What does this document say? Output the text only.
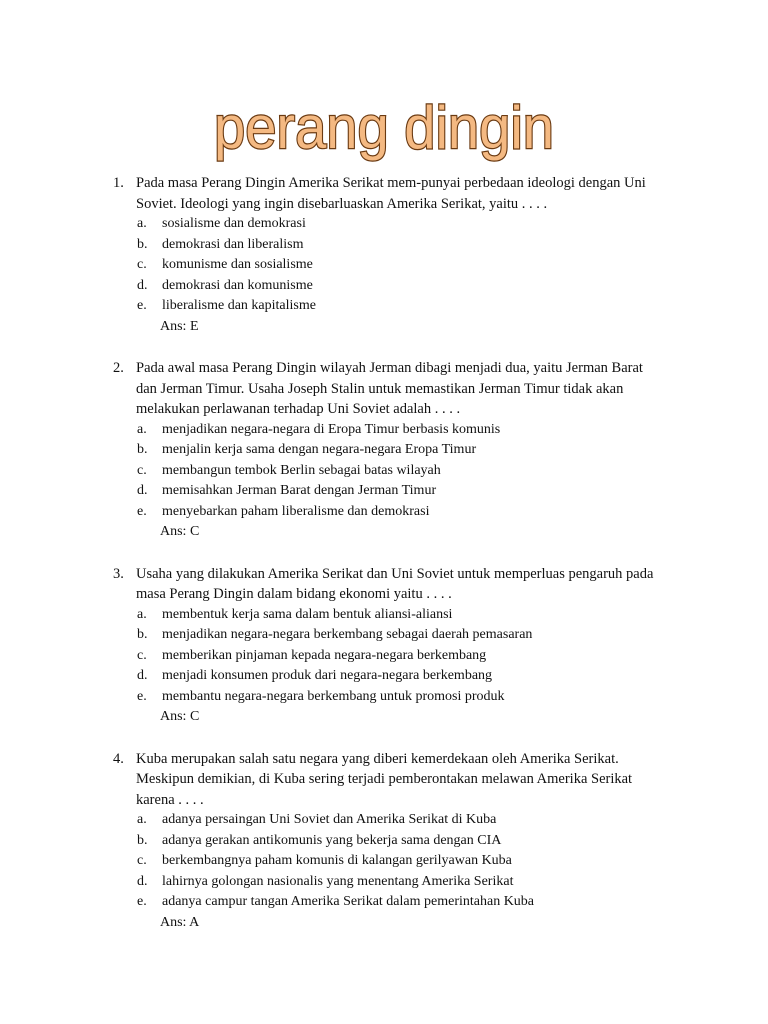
perang dingin
1. Pada masa Perang Dingin Amerika Serikat mem-punyai perbedaan ideologi dengan Uni
Soviet. Ideologi yang ingin disebarluaskan Amerika Serikat, yaitu . . . .
a. sosialisme dan demokrasi
b. demokrasi dan liberalism
c. komunisme dan sosialisme
d. demokrasi dan komunisme
e. liberalisme dan kapitalisme
Ans: E
2. Pada awal masa Perang Dingin wilayah Jerman dibagi menjadi dua, yaitu Jerman Barat
dan Jerman Timur. Usaha Joseph Stalin untuk memastikan Jerman Timur tidak akan
melakukan perlawanan terhadap Uni Soviet adalah . . . .
a. menjadikan negara-negara di Eropa Timur berbasis komunis
b. menjalin kerja sama dengan negara-negara Eropa Timur
c. membangun tembok Berlin sebagai batas wilayah
d. memisahkan Jerman Barat dengan Jerman Timur
e. menyebarkan paham liberalisme dan demokrasi
Ans: C
3. Usaha yang dilakukan Amerika Serikat dan Uni Soviet untuk memperluas pengaruh pada
masa Perang Dingin dalam bidang ekonomi yaitu . . . .
a. membentuk kerja sama dalam bentuk aliansi-aliansi
b. menjadikan negara-negara berkembang sebagai daerah pemasaran
c. memberikan pinjaman kepada negara-negara berkembang
d. menjadi konsumen produk dari negara-negara berkembang
e. membantu negara-negara berkembang untuk promosi produk
Ans: C
4. Kuba merupakan salah satu negara yang diberi kemerdekaan oleh Amerika Serikat.
Meskipun demikian, di Kuba sering terjadi pemberontakan melawan Amerika Serikat
karena . . . .
a. adanya persaingan Uni Soviet dan Amerika Serikat di Kuba
b. adanya gerakan antikomunis yang bekerja sama dengan CIA
c. berkembangnya paham komunis di kalangan gerilyawan Kuba
d. lahirnya golongan nasionalis yang menentang Amerika Serikat
e. adanya campur tangan Amerika Serikat dalam pemerintahan Kuba
Ans: A
